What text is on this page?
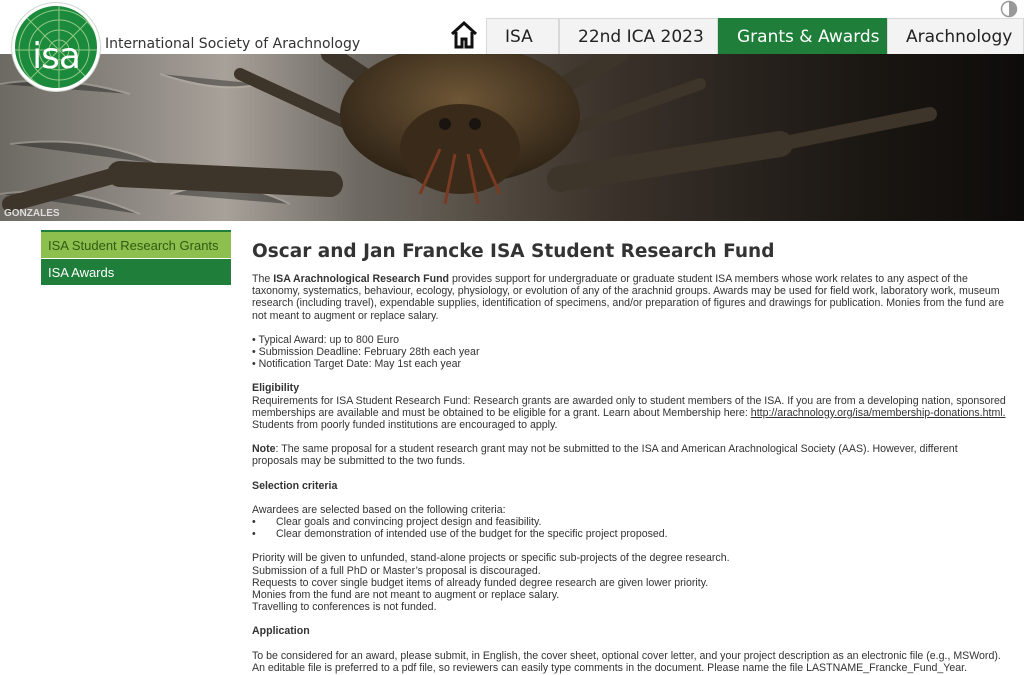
isa	International Society of Arachnology	ISA	22nd ICA 2023 Grants & Awards Arachnology
GONZALES
ISA Student Research Grants
ISA Awards
Oscar and Jan Francke ISA Student Research Fund

The ISA Arachnological Research Fund provides support for undergraduate or graduate student ISA members whose work relates to any aspect of the taxonomy, systematics, behaviour, ecology, physiology, or evolution of any of the arachnid groups. Awards may be used for field work, laboratory work, museum research (including travel), expendable supplies, identification of specimens, and/or preparation of figures and drawings for publication. Monies from the fund are not meant to augment or replace salary.

• Typical Award: up to 800 Euro
• Submission Deadline: February 28th each year
• Notification Target Date: May 1st each year

Eligibility
Requirements for ISA Student Research Fund: Research grants are awarded only to student members of the ISA. If you are from a developing nation, sponsored memberships are available and must be obtained to be eligible for a grant. Learn about Membership here: http://arachnology.org/isa/membership-donations.html.
Students from poorly funded institutions are encouraged to apply.

Note: The same proposal for a student research grant may not be submitted to the ISA and American Arachnological Society (AAS). However, different proposals may be submitted to the two funds.

Selection criteria

Awardees are selected based on the following criteria:
•	Clear goals and convincing project design and feasibility.
•	Clear demonstration of intended use of the budget for the specific project proposed.

Priority will be given to unfunded, stand-alone projects or specific sub-projects of the degree research.
Submission of a full PhD or Master’s proposal is discouraged.
Requests to cover single budget items of already funded degree research are given lower priority.
Monies from the fund are not meant to augment or replace salary.
Travelling to conferences is not funded.

Application

To be considered for an award, please submit, in English, the cover sheet, optional cover letter, and your project description as an electronic file (e.g., MSWord). An editable file is preferred to a pdf file, so reviewers can easily type comments in the document. Please name the file LASTNAME_Francke_Fund_Year.
